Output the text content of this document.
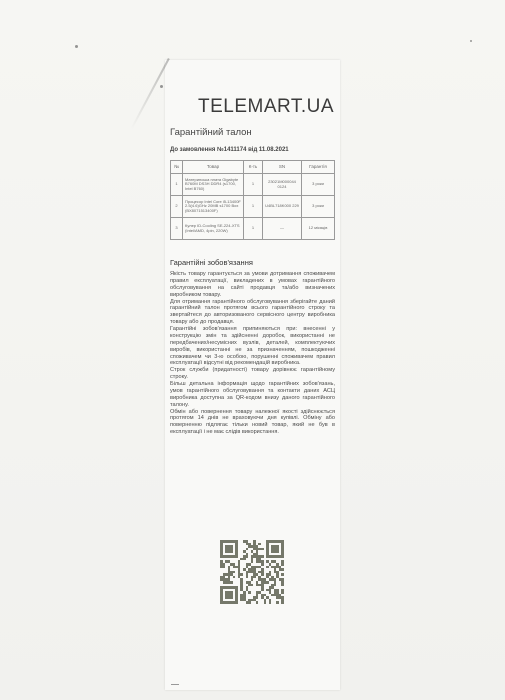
TELEMART.UA
Гарантійний талон
До замовлення №1411174 від 11.08.2021
№	Товар	К-ть	SN	Гарантія
1	Материнська плата Gigabyte B760M DS3H DDR4 (s1700, Intel B760)	1	23021M000044 0124	3 роки
2	Процесор Intel Core i5-13400F 2.5(4.6)GHz 20MB s1700 Box (BX8071513400F)	1	U4BL718K000 229	3 роки
3	Кулер ID-Cooling SE-224-XTS (Intel/AMD, 4pin, 220W)	1	—	12 місяців
Гарантійні зобов'язання

Якість товару гарантується за умови дотримання споживачем правил експлуатації, викладених в умовах гарантійного обслуговування на сайті продавця та/або визначених виробником товару.

Для отримання гарантійного обслуговування зберігайте даний гарантійний талон протягом всього гарантійного строку та звертайтеся до авторизованого сервісного центру виробника товару або до продавця.

Гарантійні зобов'язання припиняються при: внесенні у конструкцію змін та здійсненні доробок, використанні не передбачених/несумісних вузлів, деталей, комплектуючих виробів, використанні не за призначенням, пошкодженні споживачем чи 3-ю особою, порушенні споживачем правил експлуатації відсутні від рекомендацій виробника.

Строк служби (придатності) товару дорівнює гарантійному строку.

Більш детальна інформація щодо гарантійних зобов'язань, умов гарантійного обслуговування та контакти даних АСЦ виробника доступна за QR-кодом внизу даного гарантійного талону.

Обмін або повернення товару належної якості здійснюється протягом 14 днів не враховуючи дня купівлі. Обміну або поверненню підлягає тільки новий товар, який не був в експлуатації і не має слідів використання.
